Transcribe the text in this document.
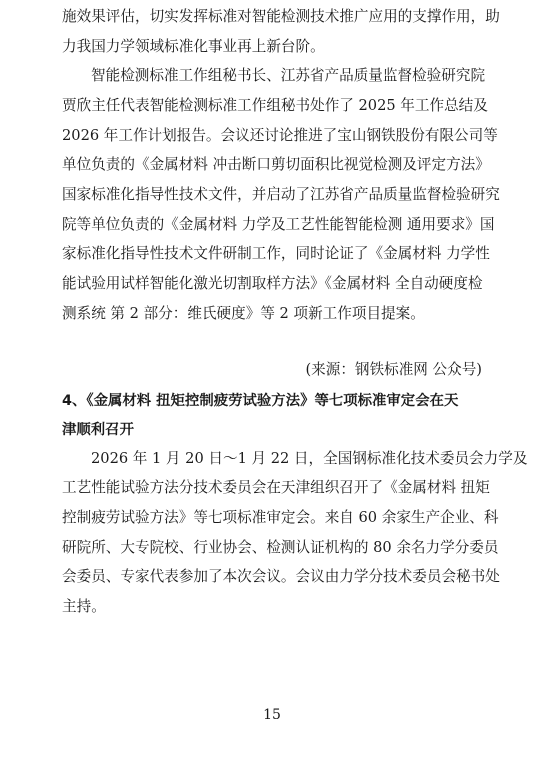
施效果评估，切实发挥标准对智能检测技术推广应用的支撑作用，助
力我国力学领域标准化事业再上新台阶。
智能检测标准工作组秘书长、江苏省产品质量监督检验研究院
贾欣主任代表智能检测标准工作组秘书处作了 2025 年工作总结及
2026 年工作计划报告。会议还讨论推进了宝山钢铁股份有限公司等
单位负责的《金属材料 冲击断口剪切面积比视觉检测及评定方法》
国家标准化指导性技术文件，并启动了江苏省产品质量监督检验研究
院等单位负责的《金属材料 力学及工艺性能智能检测 通用要求》国
家标准化指导性技术文件研制工作，同时论证了《金属材料 力学性
能试验用试样智能化激光切割取样方法》《金属材料 全自动硬度检
测系统 第 2 部分：维氏硬度》等 2 项新工作项目提案。
(来源：钢铁标准网 公众号)
4、《金属材料 扭矩控制疲劳试验方法》等七项标准审定会在天
津顺利召开
2026 年 1 月 20 日～1 月 22 日，全国钢标准化技术委员会力学及
工艺性能试验方法分技术委员会在天津组织召开了《金属材料 扭矩
控制疲劳试验方法》等七项标准审定会。来自 60 余家生产企业、科
研院所、大专院校、行业协会、检测认证机构的 80 余名力学分委员
会委员、专家代表参加了本次会议。会议由力学分技术委员会秘书处
主持。
15
